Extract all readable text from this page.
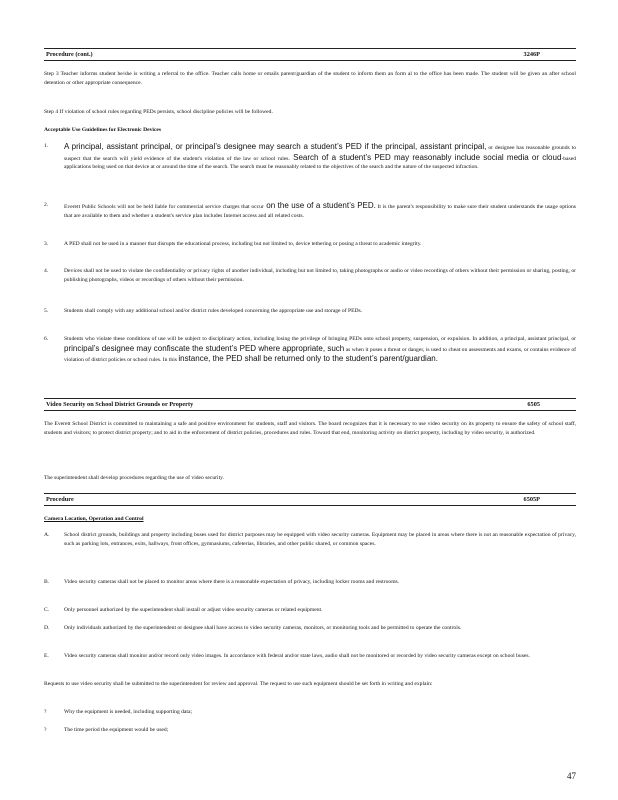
Procedure (cont.)	3246P
Step 3 Teacher informs student he/she is writing a referral to the office. Teacher calls home or emails parent/guardian of the student to inform them an form al to the office has been made. The student will be given an after school detention or other appropriate consequence.
Step 4 If violation of school rules regarding PEDs persists, school discipline policies will be followed.
Acceptable Use Guidelines for Electronic Devices
1. A principal, assistant principal, or principal’s designee may search a student’s PED if the principal, assistant principal, or designee has reasonable grounds to suspect that the search will yield evidence of the student's violation of the law or school rules. Search of a student’s PED may reasonably include social media or cloud-based applications being used on that device at or around the time of the search. The search must be reasonably related to the objectives of the search and the nature of the suspected infraction.
2.	Everett Public Schools will not be held liable for commercial service charges that occur on the use of a student’s PED. It is the parent's responsibility to make sure their student understands the usage options that are available to them and whether a student's service plan includes Internet access and all related costs.
3.	A PED shall not be used in a manner that disrupts the educational process, including but not limited to, device tethering or posing a threat to academic integrity.
4.	Devices shall not be used to violate the confidentiality or privacy rights of another individual, including but not limited to, taking photographs or audio or video recordings of others without their permission or sharing, posting, or publishing photographs, videos or recordings of others without their permission.
5.	Students shall comply with any additional school and/or district rules developed concerning the appropriate use and storage of PEDs.
6.	Students who violate these conditions of use will be subject to disciplinary action, including losing the privilege of bringing PEDs onto school property, suspension, or expulsion. In addition, a principal, assistant principal, or principal’s designee may confiscate the student’s PED where appropriate, such as when it poses a threat or danger, is used to cheat on assessments and exams, or contains evidence of violation of district policies or school rules. In this instance, the PED shall be returned only to the student’s parent/guardian.
Video Security on School District Grounds or Property	6505
The Everett School District is committed to maintaining a safe and positive environment for students, staff and visitors. The board recognizes that it is necessary to use video security on its property to ensure the safety of school staff, students and visitors; to protect district property; and to aid in the enforcement of district policies, procedures and rules. Toward that end, monitoring activity on district property, including by video security, is authorized.
The superintendent shall develop procedures regarding the use of video security.
Procedure	6505P
Camera Location, Operation and Control
A.	School district grounds, buildings and property including buses used for district purposes may be equipped with video security cameras. Equipment may be placed in areas where there is not an reasonable expectation of privacy, such as parking lots, entrances, exits, hallways, front offices, gymnasiums, cafeterias, libraries, and other public shared, or common spaces.
B.	Video security cameras shall not be placed to monitor areas where there is a reasonable expectation of privacy, including locker rooms and restrooms.
C.	Only personnel authorized by the superintendent shall install or adjust video security cameras or related equipment.
D.	Only individuals authorized by the superintendent or designee shall have access to video security cameras, monitors, or monitoring tools and be permitted to operate the controls.
E.	Video security cameras shall monitor and/or record only video images. In accordance with federal and/or state laws, audio shall not be monitored or recorded by video security cameras except on school buses.
Requests to use video security shall be submitted to the superintendent for review and approval. The request to use such equipment should be set forth in writing and explain:
?	Why the equipment is needed, including supporting data;
?	The time period the equipment would be used;
47
